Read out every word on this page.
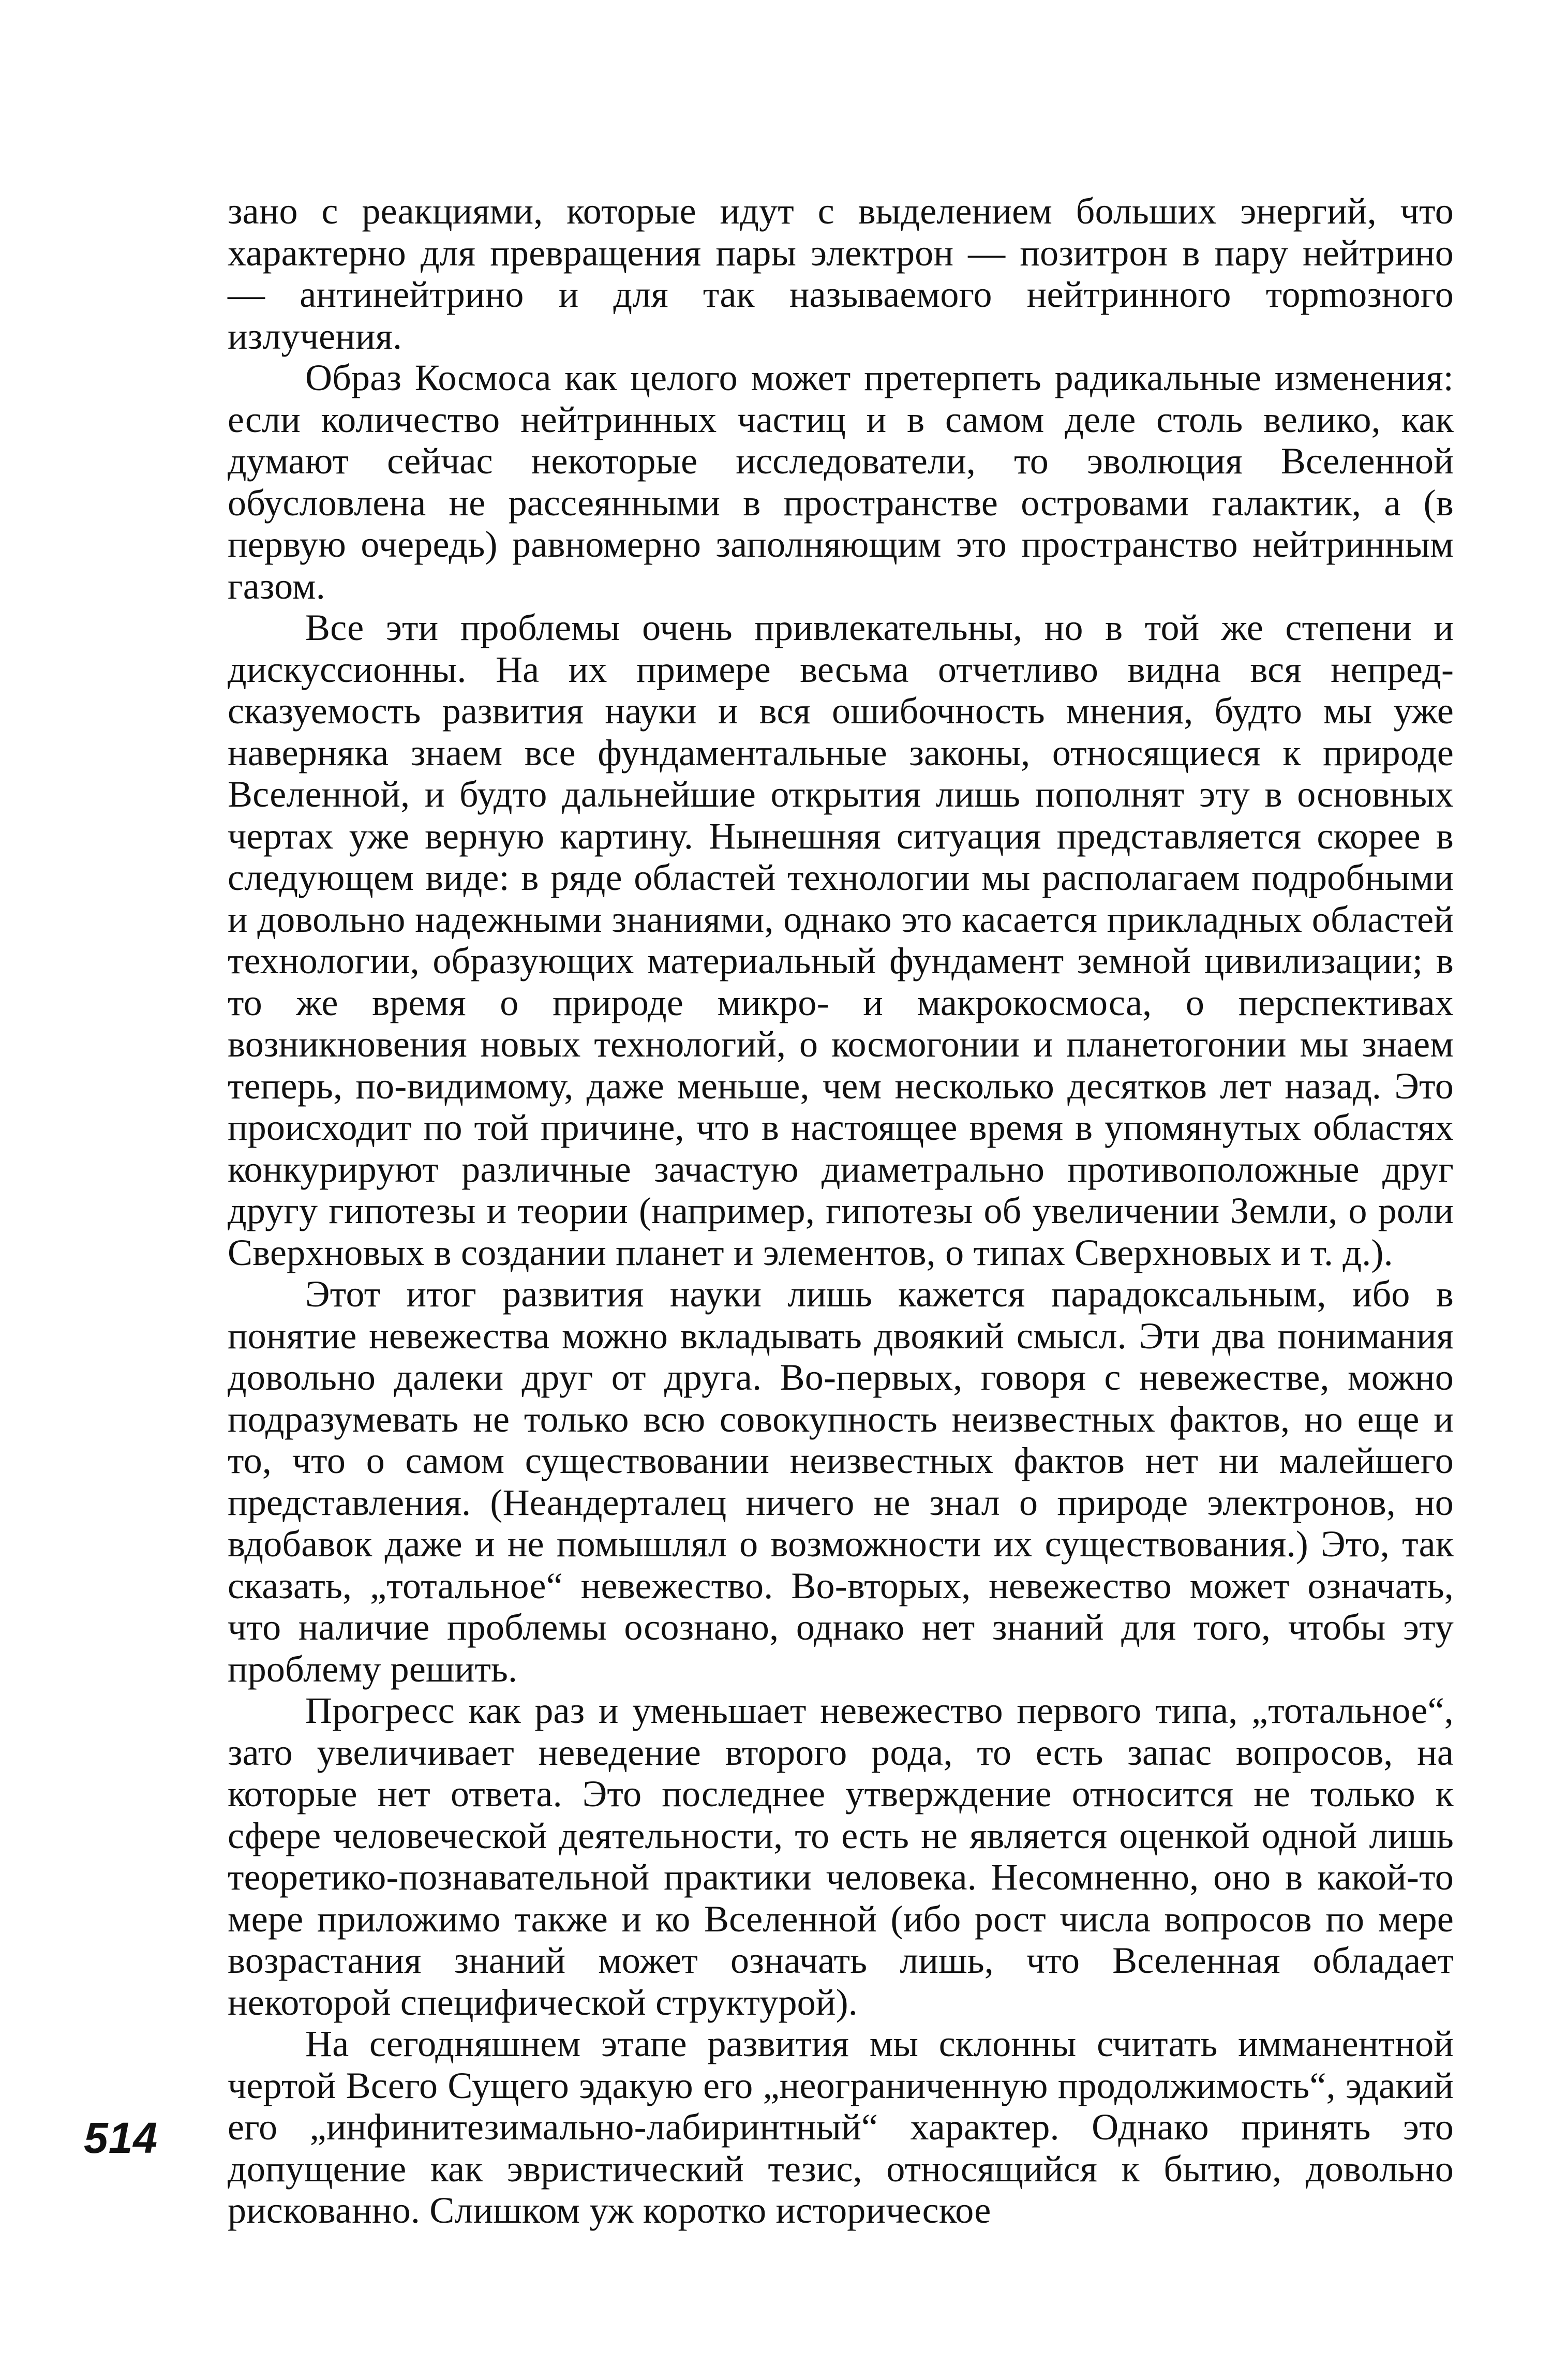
зано с реакциями, которые идут с выделением больших энергий, что характерно для превращения пары электрон — позитрон в пару нейтрино — антинейтрино и для так называемого нейтринного торmозного излучения.

Образ Космоса как целого может претерпеть радикальные изменения: если количество нейтринных частиц и в самом деле столь велико, как думают сейчас некоторые исследователи, то эволюция Вселенной обусловлена не рассеянными в пространстве островами галактик, а (в первую очередь) равномерно заполняющим это пространство нейтринным газом.

Все эти проблемы очень привлекательны, но в той же степени и дискуссионны. На их примере весьма отчетливо видна вся непредсказуемость развития науки и вся ошибочность мнения, будто мы уже наверняка знаем все фундаментальные законы, относящиеся к природе Вселенной, и будто дальнейшие открытия лишь пополнят эту в основных чертах уже верную картину. Нынешняя ситуация представляется скорее в следующем виде: в ряде областей технологии мы располагаем подробными и довольно надежными знаниями, однако это касается прикладных областей технологии, образующих материальный фундамент земной цивилизации; в то же время о природе микро- и макрокосмоса, о перспективах возникновения новых технологий, о космогонии и планетогонии мы знаем теперь, по-видимому, даже меньше, чем несколько десятков лет назад. Это происходит по той причине, что в настоящее время в упомянутых областях конкурируют различные зачастую диаметрально противоположные друг другу гипотезы и теории (например, гипотезы об увеличении Земли, о роли Сверхновых в создании планет и элементов, о типах Сверхновых и т. д.).

Этот итог развития науки лишь кажется парадоксальным, ибо в понятие невежества можно вкладывать двоякий смысл. Эти два понимания довольно далеки друг от друга. Во-первых, говоря с невежестве, можно подразумевать не только всю совокупность неизвестных фактов, но еще и то, что о самом существовании неизвестных фактов нет ни малейшего представления. (Неандерталец ничего не знал о природе электронов, но вдобавок даже и не помышлял о возможности их существования.) Это, так сказать, „тотальное“ невежество. Во-вторых, невежество может означать, что наличие проблемы осознано, однако нет знаний для того, чтобы эту проблему решить.

Прогресс как раз и уменьшает невежество первого типа, „тотальное“, зато увеличивает неведение второго рода, то есть запас вопросов, на которые нет ответа. Это последнее утверждение относится не только к сфере человеческой деятельности, то есть не является оценкой одной лишь теоретико-познавательной практики человека. Несомненно, оно в какой-то мере приложимо также и ко Вселенной (ибо рост числа вопросов по мере возрастания знаний может означать лишь, что Вселенная обладает некоторой специфической структурой).

На сегодняшнем этапе развития мы склонны считать имманентной чертой Всего Сущего эдакую его „неограниченную продолжимость“, эдакий его „инфинитезимально-лабиринтный“ характер. Однако принять это допущение как эвристический тезис, относящийся к бытию, довольно рискованно. Слишком уж коротко историческое

514
